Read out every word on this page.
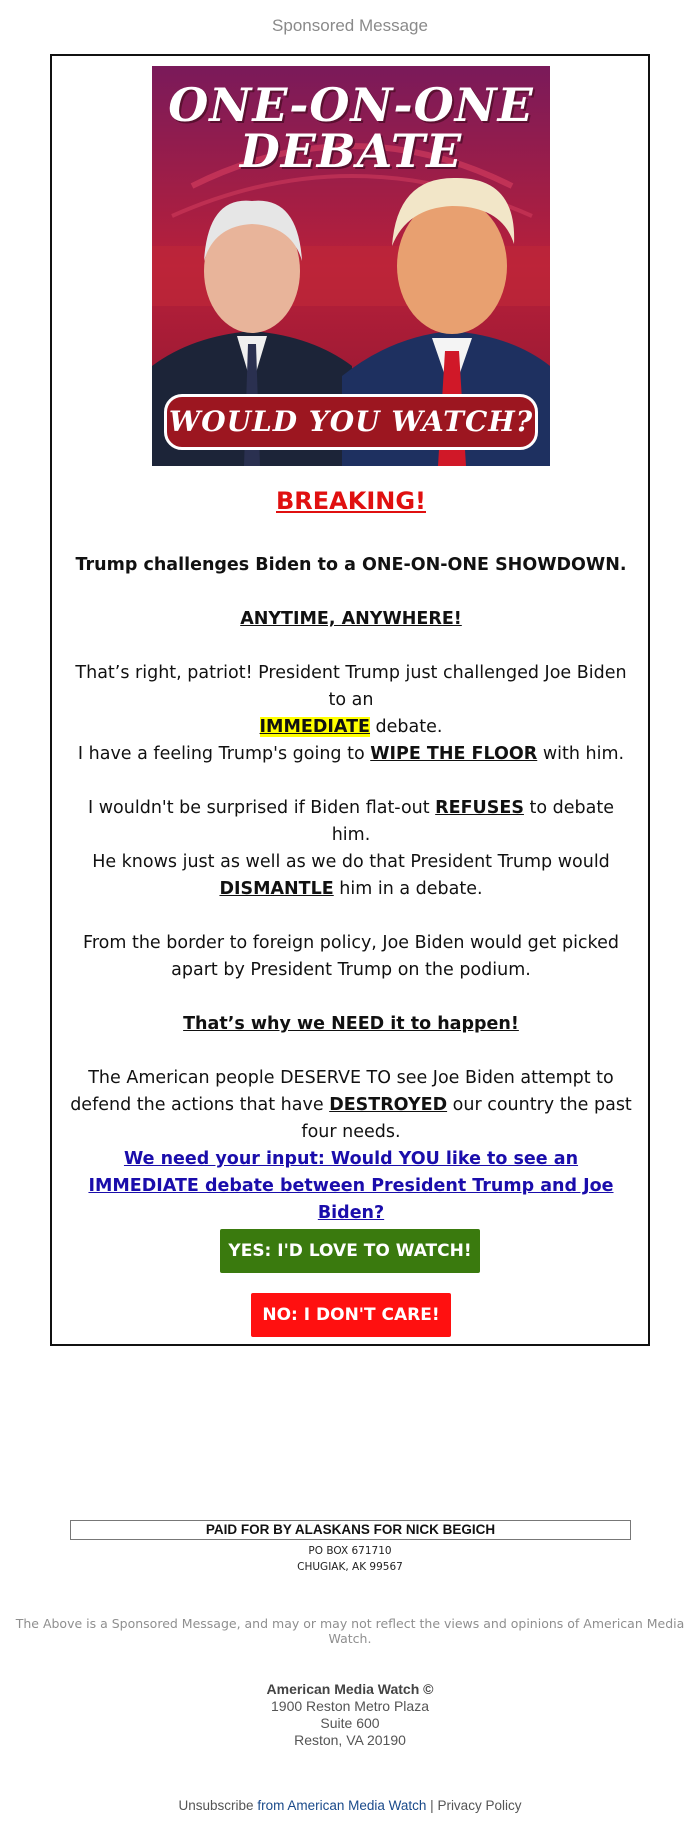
Sponsored Message
ONE-ON-ONE
DEBATE
WOULD YOU WATCH?
BREAKING!
Trump challenges Biden to a ONE-ON-ONE SHOWDOWN.
ANYTIME, ANYWHERE!
That’s right, patriot! President Trump just challenged Joe Biden to an
IMMEDIATE debate.
I have a feeling Trump's going to WIPE THE FLOOR with him.
I wouldn't be surprised if Biden flat-out REFUSES to debate him.
He knows just as well as we do that President Trump would
DISMANTLE him in a debate.
From the border to foreign policy, Joe Biden would get picked apart by President Trump on the podium.
That’s why we NEED it to happen!
The American people DESERVE TO see Joe Biden attempt to defend the actions that have DESTROYED our country the past four needs.
We need your input: Would YOU like to see an IMMEDIATE debate between President Trump and Joe Biden?
YES: I'D LOVE TO WATCH!
NO: I DON'T CARE!
PAID FOR BY ALASKANS FOR NICK BEGICH
PO BOX 671710
CHUGIAK, AK 99567
The Above is a Sponsored Message, and may or may not reflect the views and opinions of American Media Watch.
American Media Watch ©
1900 Reston Metro Plaza
Suite 600
Reston, VA 20190
Unsubscribe from American Media Watch | Privacy Policy
